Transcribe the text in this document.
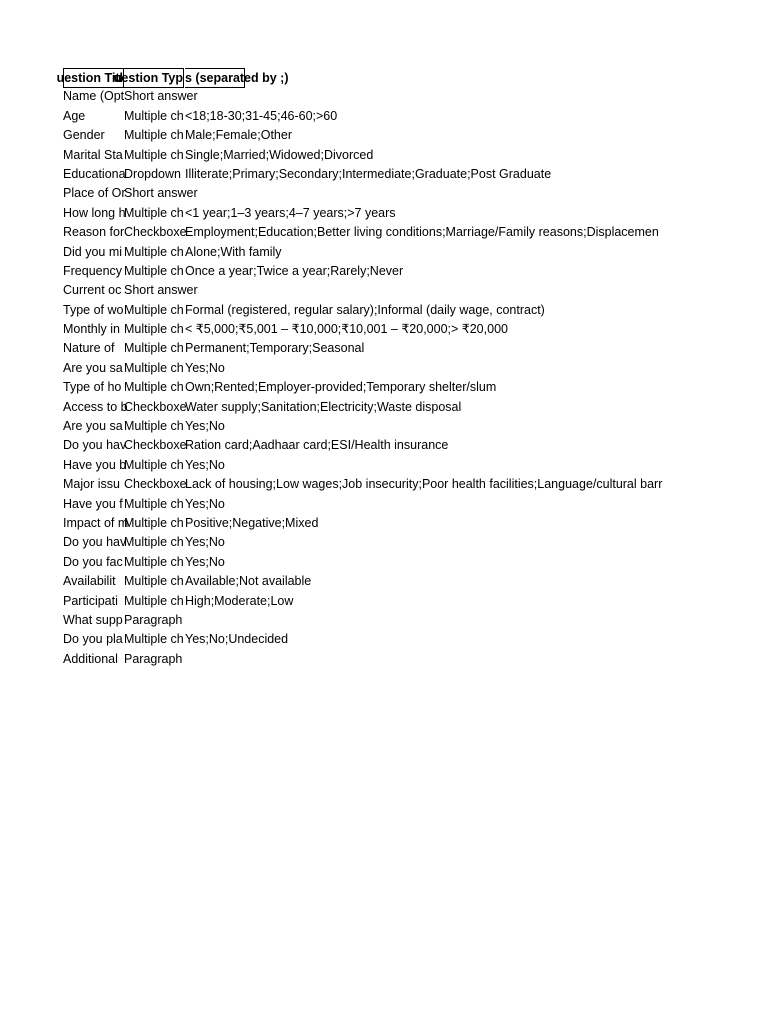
uestion Titl
uestion Typ s (separated by ;)
Name (Opt Short answer
Age	Multiple ch <18;18-30;31-45;46-60;>60
Gender	Multiple ch Male;Female;Other
Marital Sta Multiple ch Single;Married;Widowed;Divorced
Educationa
Dropdown Illiterate;Primary;Secondary;Intermediate;Graduate;Post Graduate
Place of Or
Short answer
How long h
Multiple ch <1 year;1–3 years;4–7 years;>7 years
Reason for Checkboxe
Employment;Education;Better living conditions;Marriage/Family reasons;Displacemen
Did you mi Multiple ch Alone;With family
Frequency Multiple ch Once a year;Twice a year;Rarely;Never
Current oc Short answer
Type of wo Multiple ch Formal (registered, regular salary);Informal (daily wage, contract)
Monthly in Multiple ch < ₹5,000;₹5,001 – ₹10,000;₹10,001 – ₹20,000;> ₹20,000
Nature of Multiple ch Permanent;Temporary;Seasonal
Are you sa Multiple ch Yes;No
Type of ho Multiple ch Own;Rented;Employer-provided;Temporary shelter/slum
Access to b
Checkboxe
Water supply;Sanitation;Electricity;Waste disposal
Are you sa Multiple ch Yes;No
Do you hav
Checkboxe
Ration card;Aadhaar card;ESI/Health insurance
Have you b
Multiple ch Yes;No
Major issu Checkboxe
Lack of housing;Low wages;Job insecurity;Poor health facilities;Language/cultural barr
Have you f Multiple ch Yes;No
Impact of m
Multiple ch Positive;Negative;Mixed
Do you hav
Multiple ch Yes;No
Do you fac Multiple ch Yes;No
Availabilit Multiple ch Available;Not available
Participati Multiple ch High;Moderate;Low
What supp Paragraph
Do you pla Multiple ch Yes;No;Undecided
Additional Paragraph
